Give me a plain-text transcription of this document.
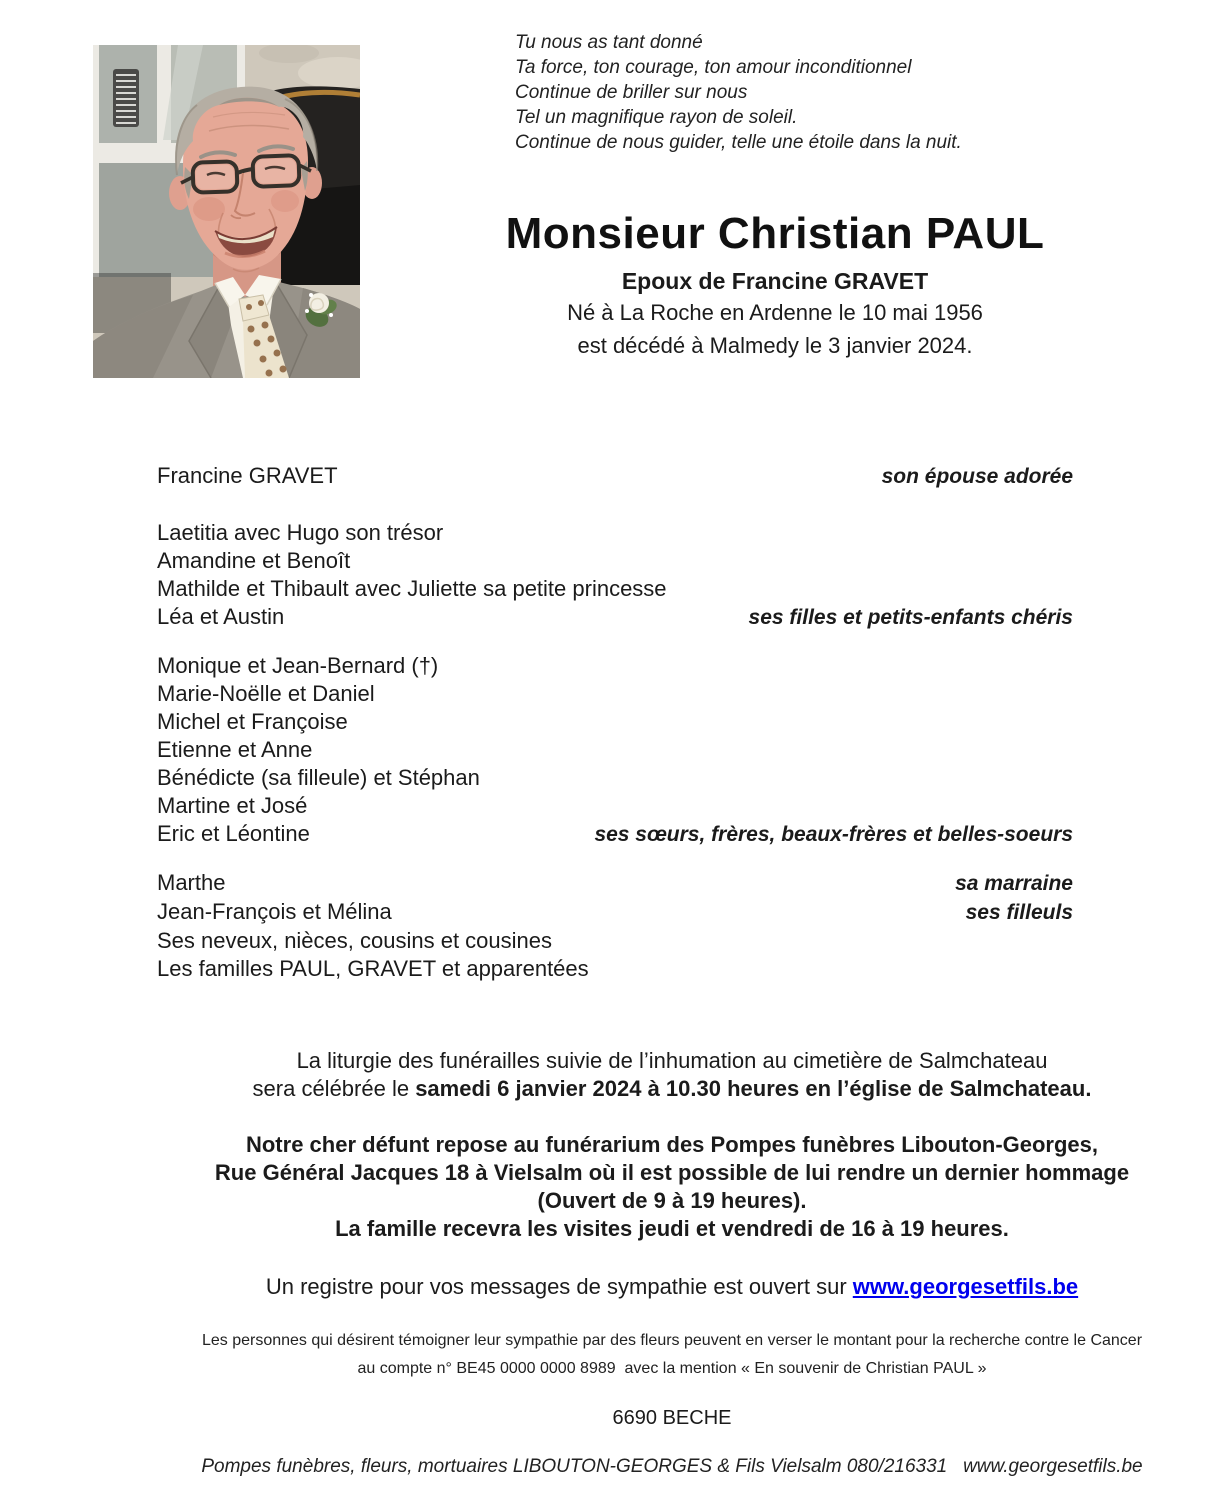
Tu nous as tant donné
Ta force, ton courage, ton amour inconditionnel
Continue de briller sur nous
Tel un magnifique rayon de soleil.
Continue de nous guider, telle une étoile dans la nuit.
Monsieur Christian PAUL
Epoux de Francine GRAVET
Né à La Roche en Ardenne le 10 mai 1956
est décédé à Malmedy le 3 janvier 2024.
Francine GRAVET	son épouse adorée
Laetitia avec Hugo son trésor
Amandine et Benoît
Mathilde et Thibault avec Juliette sa petite princesse
Léa et Austin	ses filles et petits-enfants chéris
Monique et Jean-Bernard (†)
Marie-Noëlle et Daniel
Michel et Françoise
Etienne et Anne
Bénédicte (sa filleule) et Stéphan
Martine et José
Eric et Léontine	ses sœurs, frères, beaux-frères et belles-soeurs
Marthe	sa marraine
Jean-François et Mélina	ses filleuls
Ses neveux, nièces, cousins et cousines
Les familles PAUL, GRAVET et apparentées
La liturgie des funérailles suivie de l’inhumation au cimetière de Salmchateau
sera célébrée le samedi 6 janvier 2024 à 10.30 heures en l’église de Salmchateau.
Notre cher défunt repose au funérarium des Pompes funèbres Libouton-Georges,
Rue Général Jacques 18 à Vielsalm où il est possible de lui rendre un dernier hommage
(Ouvert de 9 à 19 heures).
La famille recevra les visites jeudi et vendredi de 16 à 19 heures.
Un registre pour vos messages de sympathie est ouvert sur www.georgesetfils.be
Les personnes qui désirent témoigner leur sympathie par des fleurs peuvent en verser le montant pour la recherche contre le Cancer
au compte n° BE45 0000 0000 8989  avec la mention « En souvenir de Christian PAUL »
6690 BECHE
Pompes funèbres, fleurs, mortuaires LIBOUTON-GEORGES & Fils Vielsalm 080/216331   www.georgesetfils.be
